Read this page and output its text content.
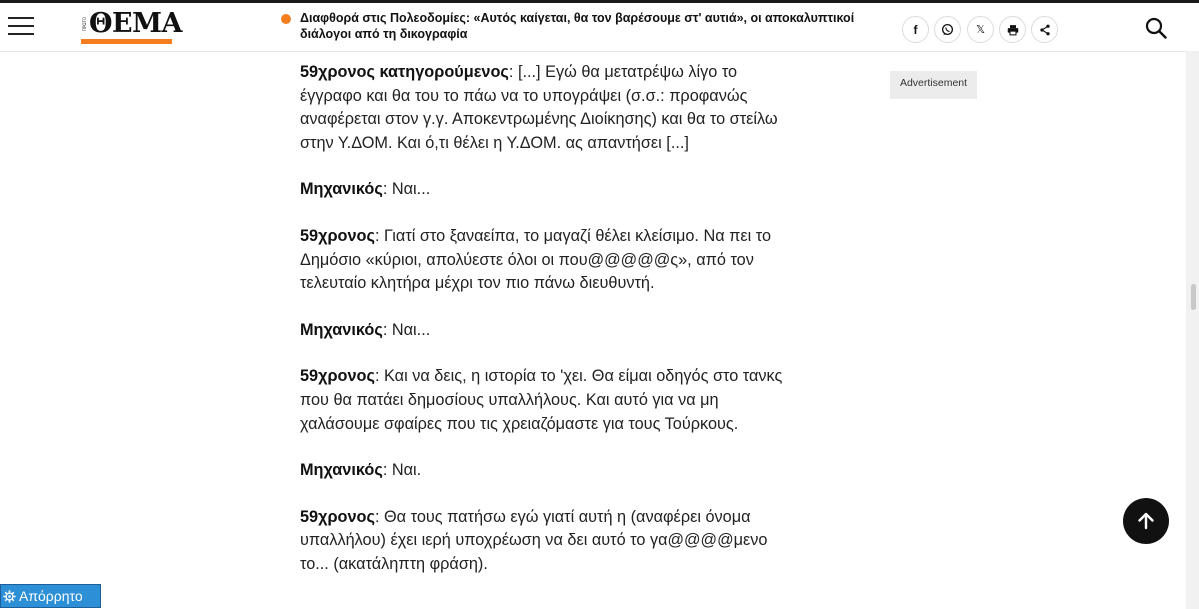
ΠΡΩΤΟ ΘΕΜΑ	Διαφθορά στις Πολεοδομίες: «Αυτός καίγεται, θα τον βαρέσουμε στ' αυτιά», οι αποκαλυπτικοί διάλογοι από τη δικογραφία	f	𝕏

59χρονος κατηγορούμενος: [...] Εγώ θα μετατρέψω λίγο το έγγραφο και θα του το πάω να το υπογράψει (σ.σ.: προφανώς αναφέρεται στον γ.γ. Αποκεντρωμένης Διοίκησης) και θα το στείλω στην Υ.ΔΟΜ. Και ό,τι θέλει η Υ.ΔΟΜ. ας απαντήσει [...]

Μηχανικός: Ναι...

59χρονος: Γιατί στο ξαναείπα, το μαγαζί θέλει κλείσιμο. Να πει το Δημόσιο «κύριοι, απολύεστε όλοι οι που@@@@@ς», από τον τελευταίο κλητήρα μέχρι τον πιο πάνω διευθυντή.

Μηχανικός: Ναι...

59χρονος: Και να δεις, η ιστορία το 'χει. Θα είμαι οδηγός στο τανκς που θα πατάει δημοσίους υπαλλήλους. Και αυτό για να μη χαλάσουμε σφαίρες που τις χρειαζόμαστε για τους Τούρκους.

Μηχανικός: Ναι.

59χρονος: Θα τους πατήσω εγώ γιατί αυτή η (αναφέρει όνομα υπαλλήλου) έχει ιερή υποχρέωση να δει αυτό το γα@@@@μενο το... (ακατάληπτη φράση).

Advertisement
Απόρρητο
